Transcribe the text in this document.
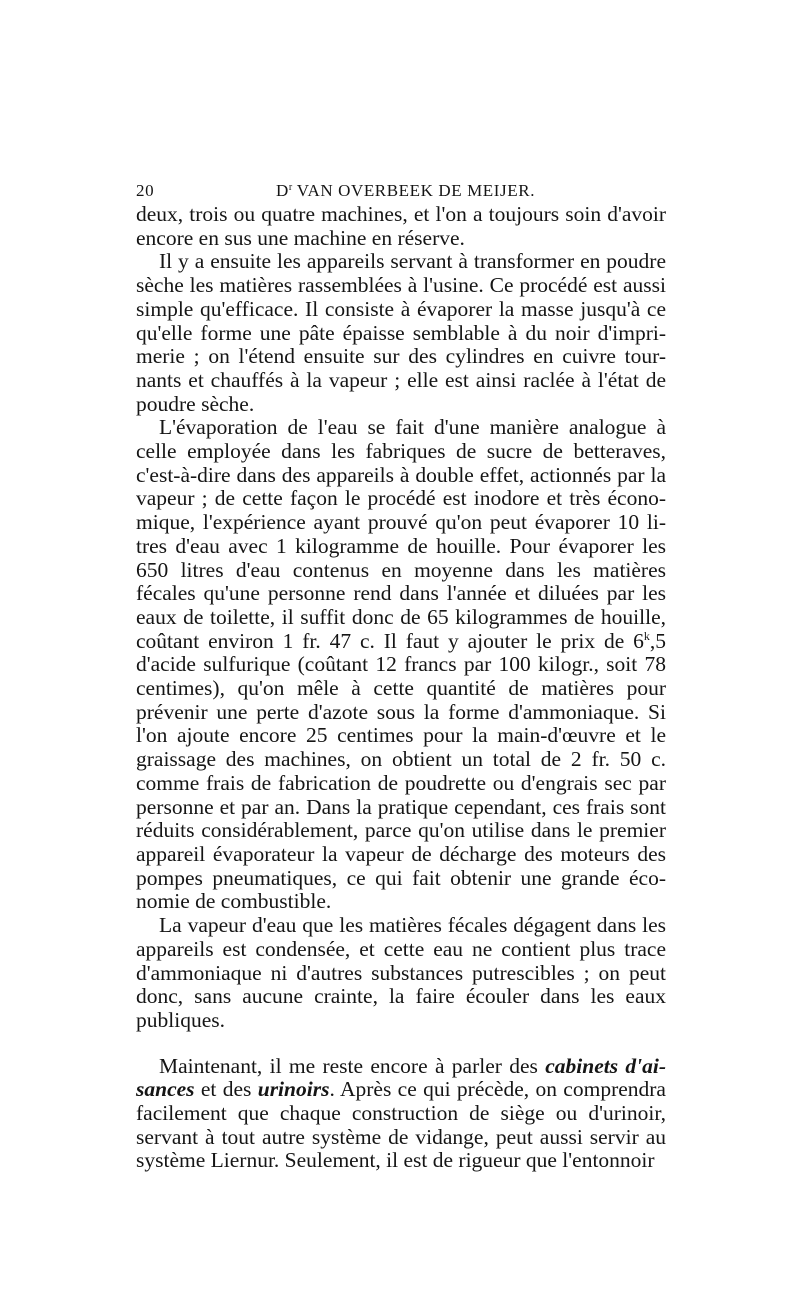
20	$D^r$ VAN OVERBEEK DE MEIJER.

deux, trois ou quatre machines, et l'on a toujours soin d'avoir encore en sus une machine en réserve.

Il y a ensuite les appareils servant à transformer en poudre sèche les matières rassemblées à l'usine. Ce procédé est aussi simple qu'efficace. Il consiste à évaporer la masse jusqu'à ce qu'elle forme une pâte épaisse semblable à du noir d'impri-merie ; on l'étend ensuite sur des cylindres en cuivre tour-nants et chauffés à la vapeur ; elle est ainsi raclée à l'état de poudre sèche.

L'évaporation de l'eau se fait d'une manière analogue à celle employée dans les fabriques de sucre de betteraves, c'est-à-dire dans des appareils à double effet, actionnés par la vapeur ; de cette façon le procédé est inodore et très écono-mique, l'expérience ayant prouvé qu'on peut évaporer 10 li-tres d'eau avec 1 kilogramme de houille. Pour évaporer les 650 litres d'eau contenus en moyenne dans les matières fécales qu'une personne rend dans l'année et diluées par les eaux de toilette, il suffit donc de 65 kilogrammes de houille, coûtant environ 1 fr. 47 c. Il faut y ajouter le prix de 6$^k$,5 d'acide sulfurique (coûtant 12 francs par 100 kilogr., soit 78 centimes), qu'on mêle à cette quantité de matières pour prévenir une perte d'azote sous la forme d'ammoniaque. Si l'on ajoute encore 25 centimes pour la main-d'œuvre et le graissage des machines, on obtient un total de 2 fr. 50 c. comme frais de fabrication de poudrette ou d'engrais sec par personne et par an. Dans la pratique cependant, ces frais sont réduits considérablement, parce qu'on utilise dans le premier appareil évaporateur la vapeur de décharge des moteurs des pompes pneumatiques, ce qui fait obtenir une grande éco-nomie de combustible.

La vapeur d'eau que les matières fécales dégagent dans les appareils est condensée, et cette eau ne contient plus trace d'ammoniaque ni d'autres substances putrescibles ; on peut donc, sans aucune crainte, la faire écouler dans les eaux publiques.

Maintenant, il me reste encore à parler des cabinets d'ai-sances et des urinoirs. Après ce qui précède, on comprendra facilement que chaque construction de siège ou d'urinoir, servant à tout autre système de vidange, peut aussi servir au système Liernur. Seulement, il est de rigueur que l'entonnoir
